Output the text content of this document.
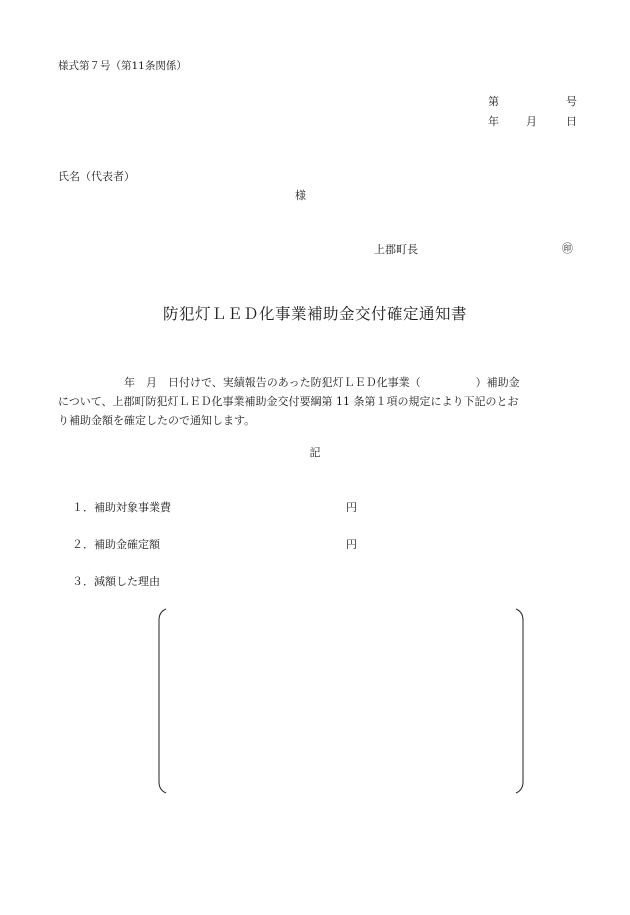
様式第７号（第11条関係）
第	号
年 月	日
氏名（代表者）
様
上郡町長	㊞
防犯灯ＬＥＤ化事業補助金交付確定通知書
　　　　　　年　月　日付けで、実績報告のあった防犯灯ＬＥＤ化事業（　　　　　）補助金
について、上郡町防犯灯ＬＥＤ化事業補助金交付要綱第 11 条第１項の規定により下記のとお
り補助金額を確定したので通知します。
記
１．補助対象事業費	円
２．補助金確定額	円
３．減額した理由
